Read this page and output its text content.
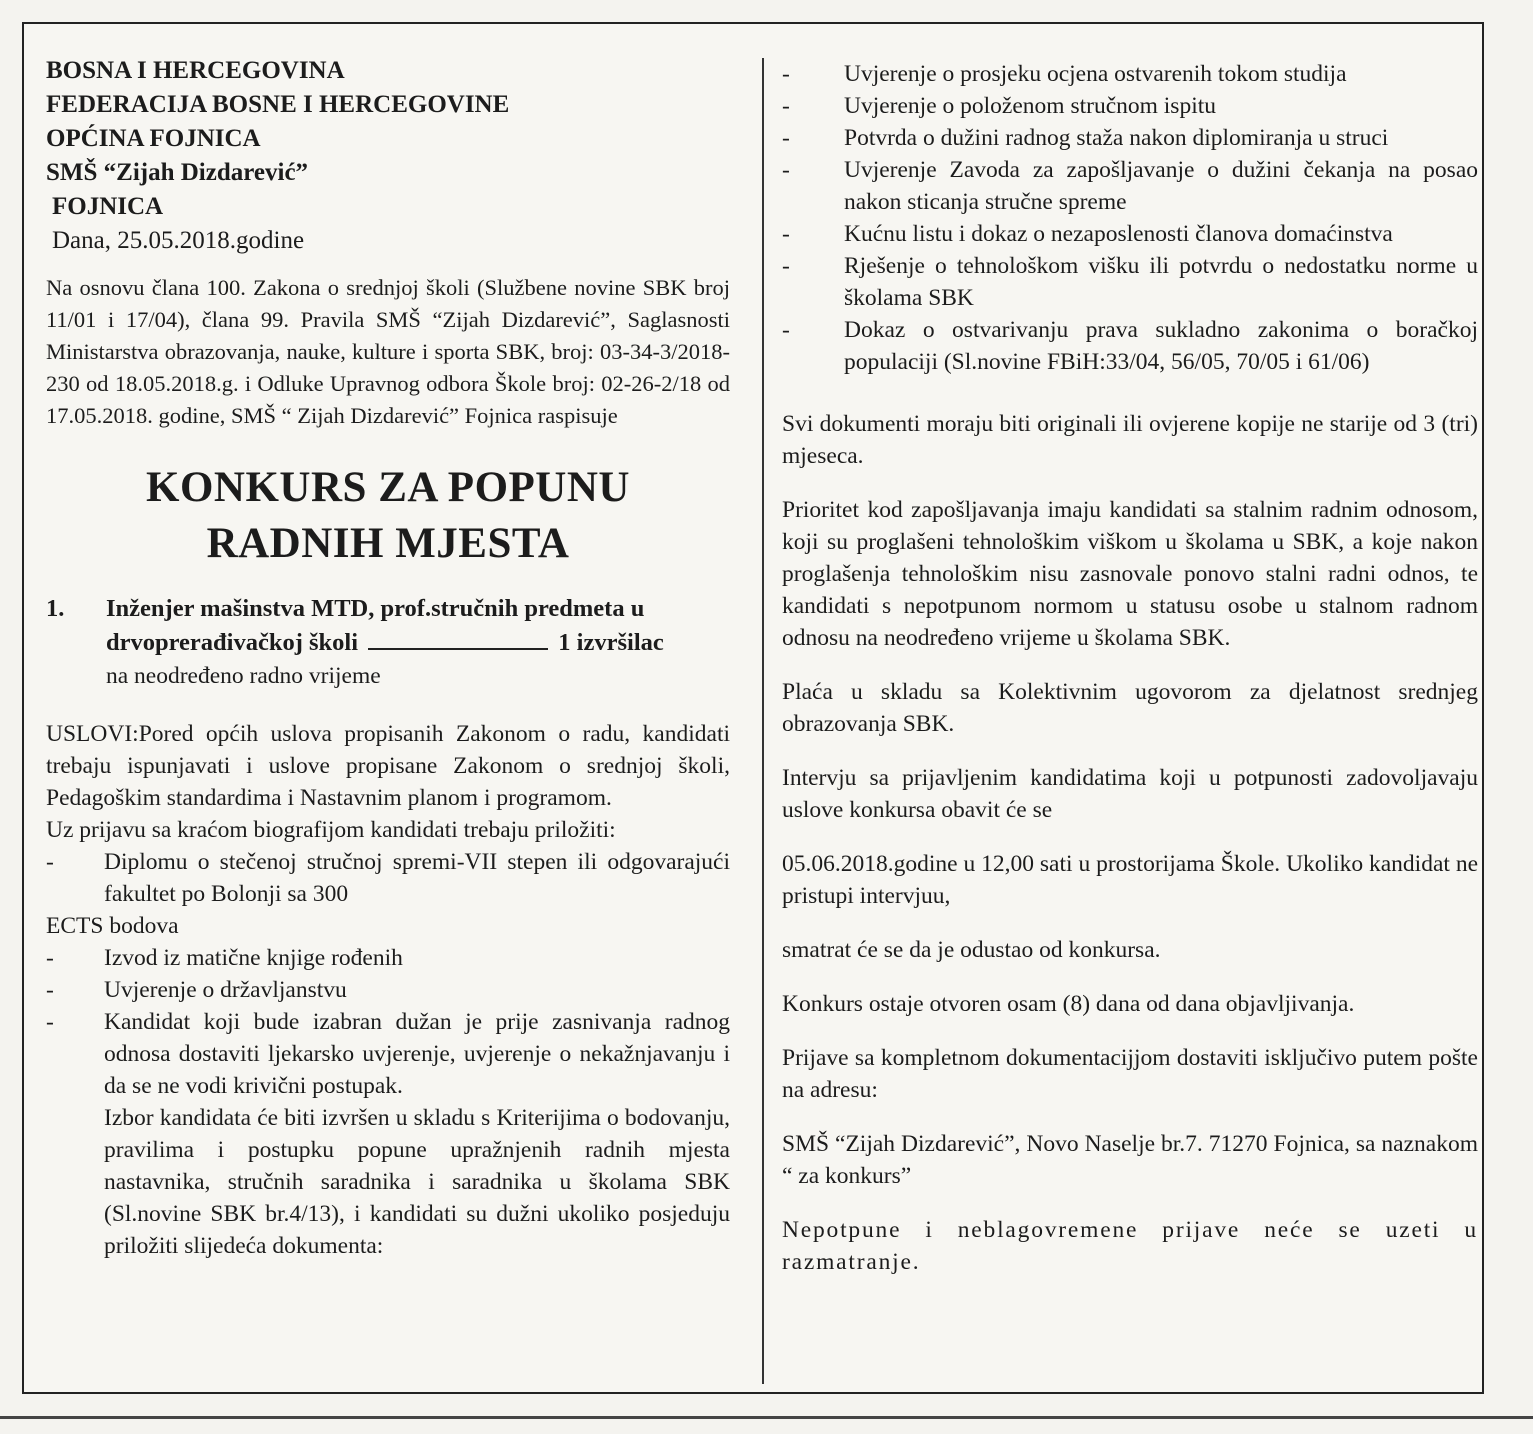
BOSNA I HERCEGOVINA
FEDERACIJA BOSNE I HERCEGOVINE
OPĆINA FOJNICA
SMŠ “Zijah Dizdarević”
FOJNICA
Dana, 25.05.2018.godine

Na osnovu člana 100. Zakona o srednjoj školi (Službene novine SBK broj 11/01 i 17/04), člana 99. Pravila SMŠ “Zijah Dizdarević”, Saglasnosti Ministarstva obrazovanja, nauke, kulture i sporta SBK, broj: 03-34-3/2018-230 od 18.05.2018.g. i Odluke Upravnog odbora Škole broj: 02-26-2/18 od 17.05.2018. godine, SMŠ “ Zijah Dizdarević” Fojnica raspisuje

KONKURS ZA POPUNU
RADNIH MJESTA
1.	Inženjer mašinstva MTD, prof.stručnih predmeta u drvoprerađivačkoj školi	1 izvršilac
na neodređeno radno vrijeme

USLOVI:Pored općih uslova propisanih Zakonom o radu, kandidati trebaju ispunjavati i uslove propisane Zakonom o srednjoj školi, Pedagoškim standardima i Nastavnim planom i programom.

Uz prijavu sa kraćom biografijom kandidati trebaju priložiti:

-	Diplomu o stečenoj stručnoj spremi-VII stepen ili odgovarajući fakultet po Bolonji sa 300

ECTS bodova

-	Izvod iz matične knjige rođenih
-	Uvjerenje o državljanstvu
-	Kandidat koji bude izabran dužan je prije zasnivanja radnog odnosa dostaviti ljekarsko uvjerenje, uvjerenje o nekažnjavanju i da se ne vodi krivični postupak.
Izbor kandidata će biti izvršen u skladu s Kriterijima o bodovanju, pravilima i postupku popune upražnjenih radnih mjesta nastavnika, stručnih saradnika i saradnika u školama SBK (Sl.novine SBK br.4/13), i kandidati su dužni ukoliko posjeduju priložiti slijedeća dokumenta:
-	Uvjerenje o prosjeku ocjena ostvarenih tokom studija
-	Uvjerenje o položenom stručnom ispitu
-	Potvrda o dužini radnog staža nakon diplomiranja u struci
-	Uvjerenje Zavoda za zapošljavanje o dužini čekanja na posao nakon sticanja stručne spreme
-	Kućnu listu i dokaz o nezaposlenosti članova domaćinstva
-	Rješenje o tehnološkom višku ili potvrdu o nedostatku norme u školama SBK
-	Dokaz o ostvarivanju prava sukladno zakonima o boračkoj populaciji (Sl.novine FBiH:33/04, 56/05, 70/05 i 61/06)

Svi dokumenti moraju biti originali ili ovjerene kopije ne starije od 3 (tri) mjeseca.

Prioritet kod zapošljavanja imaju kandidati sa stalnim radnim odnosom, koji su proglašeni tehnološkim viškom u školama u SBK, a koje nakon proglašenja tehnološkim nisu zasnovale ponovo stalni radni odnos, te kandidati s nepotpunom normom u statusu osobe u stalnom radnom odnosu na neodređeno vrijeme u školama SBK.

Plaća u skladu sa Kolektivnim ugovorom za djelatnost srednjeg obrazovanja SBK.

Intervju sa prijavljenim kandidatima koji u potpunosti zadovoljavaju uslove konkursa obavit će se

05.06.2018.godine u 12,00 sati u prostorijama Škole. Ukoliko kandidat ne pristupi intervjuu,

smatrat će se da je odustao od konkursa.

Konkurs ostaje otvoren osam (8) dana od dana objavljivanja.

Prijave sa kompletnom dokumentacijjom dostaviti isključivo putem pošte na adresu:

SMŠ “Zijah Dizdarević”, Novo Naselje br.7. 71270 Fojnica, sa naznakom “ za konkurs”

Nepotpune i neblagovremene prijave neće se uzeti u razmatranje.
